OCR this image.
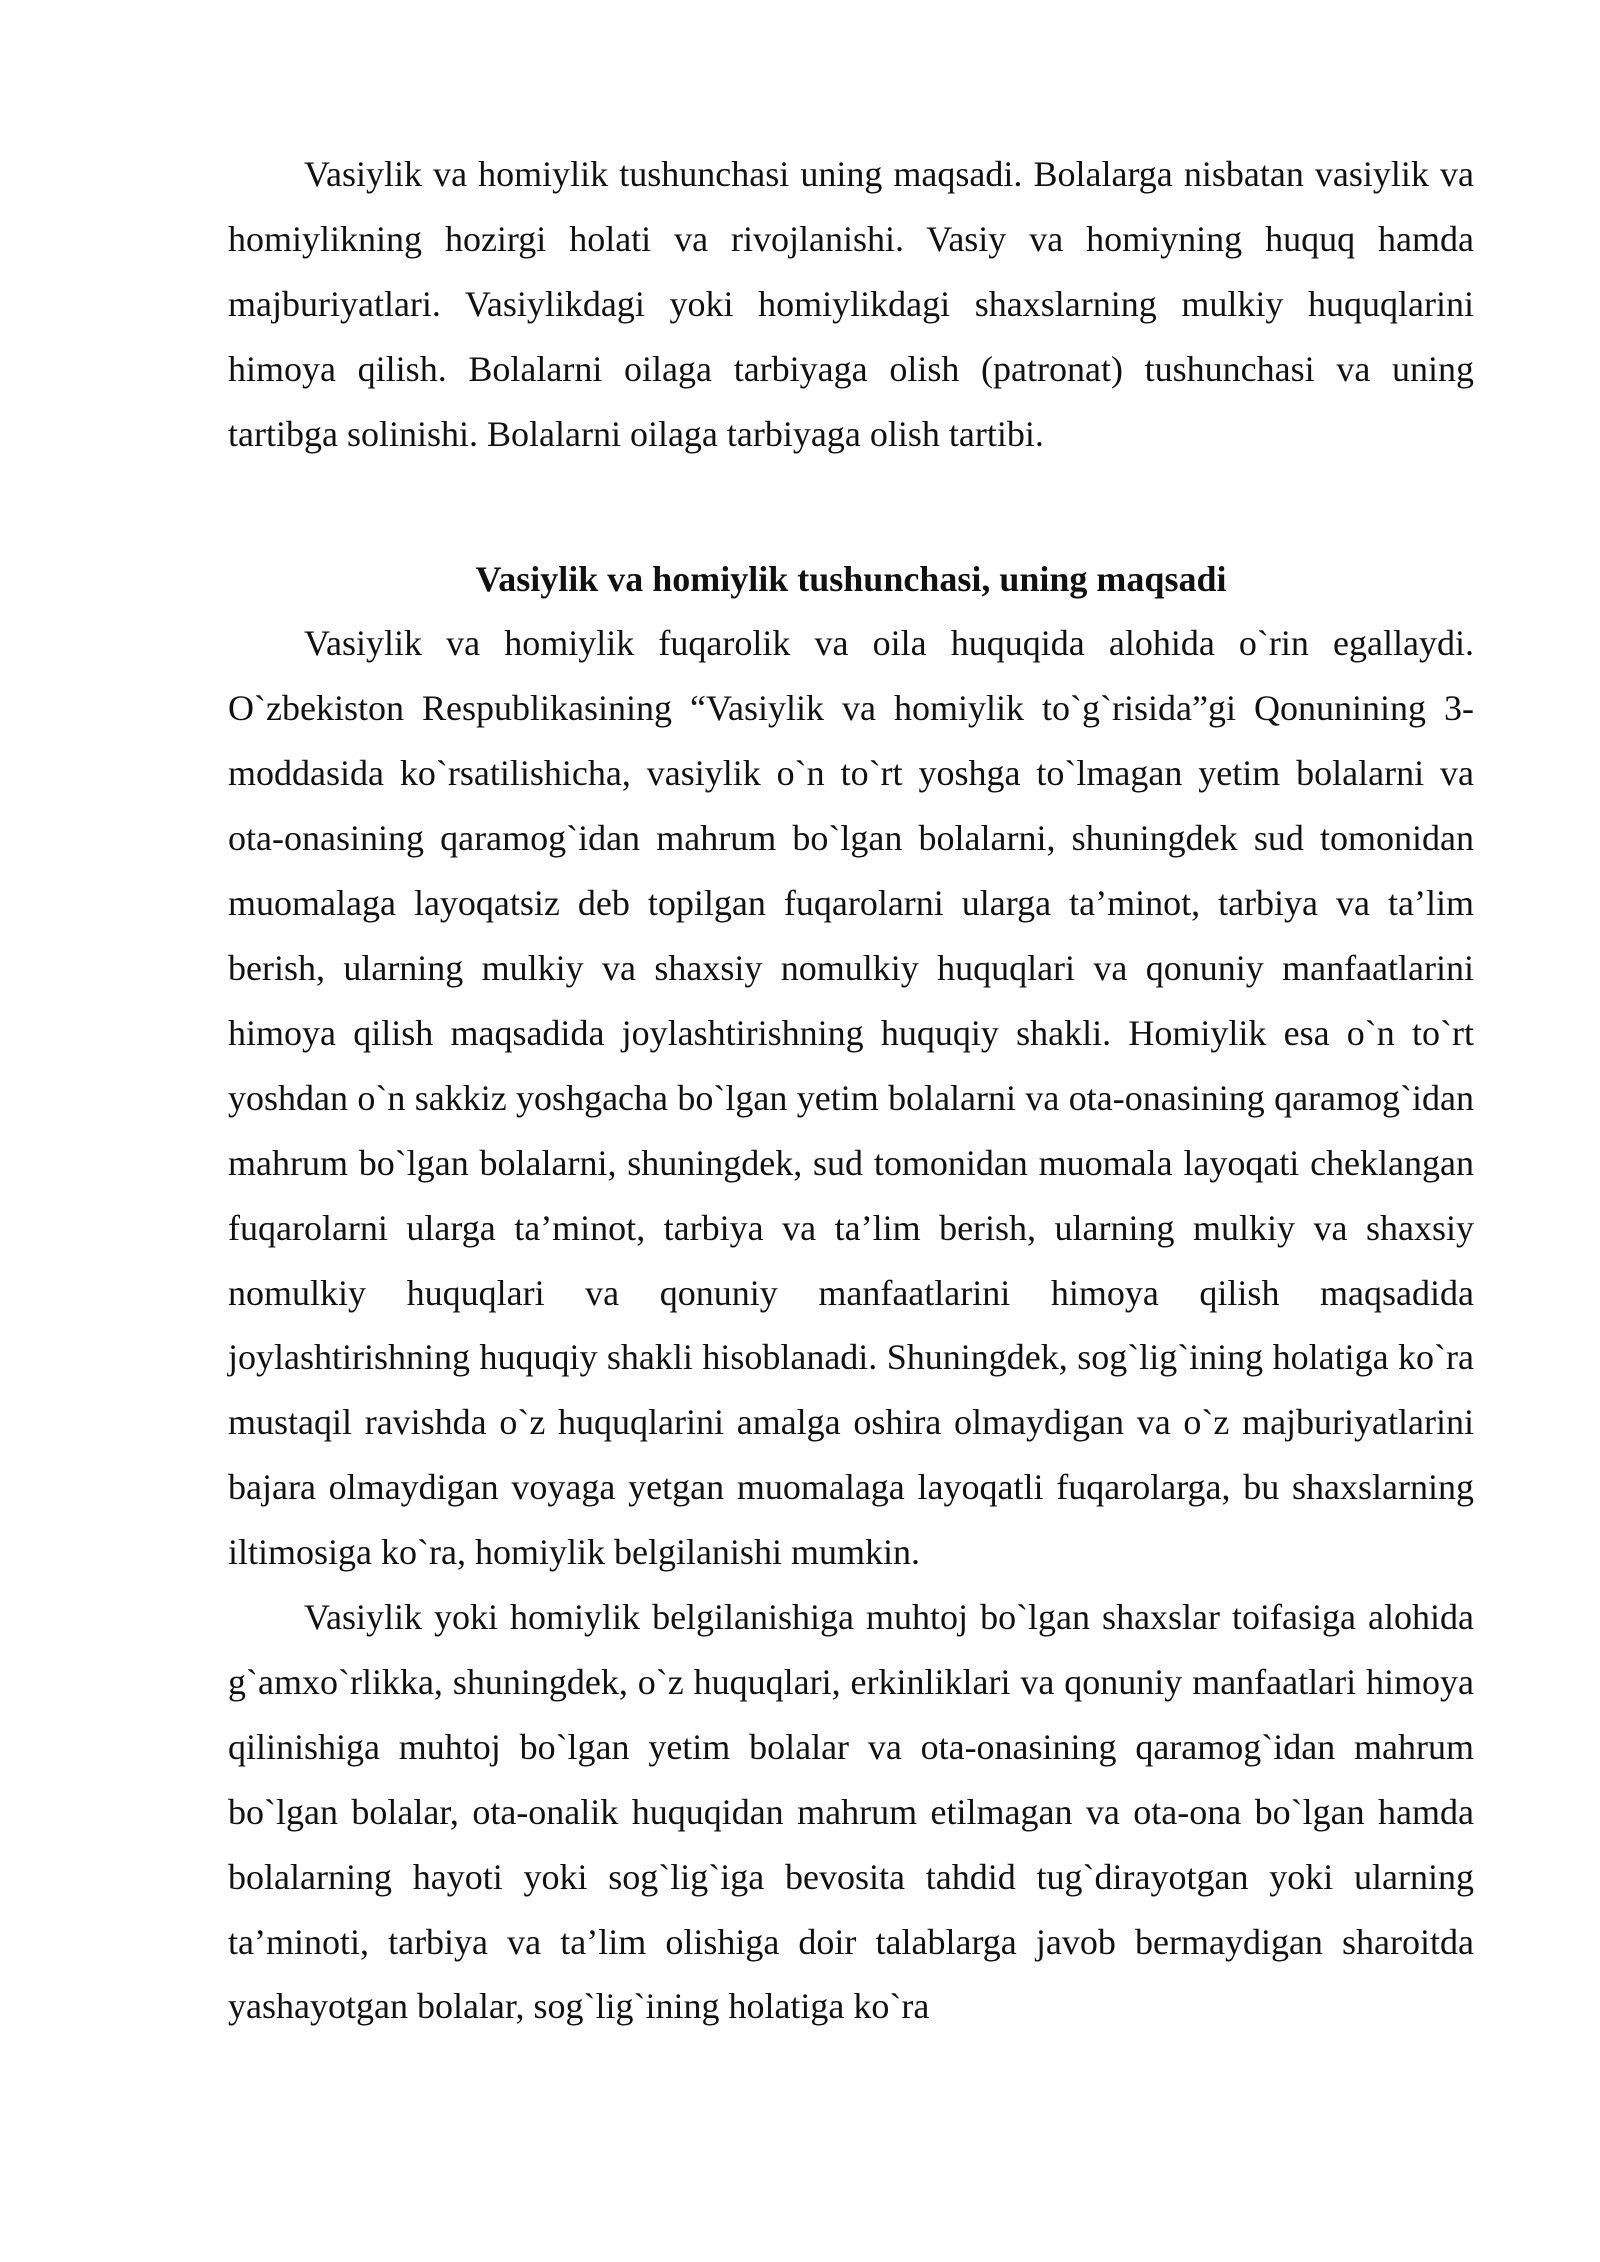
Vasiylik va homiylik tushunchasi uning maqsadi. Bolalarga nisbatan vasiylik va homiylikning hozirgi holati va rivojlanishi. Vasiy va homiyning huquq hamda majburiyatlari. Vasiylikdagi yoki homiylikdagi shaxslarning mulkiy huquqlarini himoya qilish. Bolalarni oilaga tarbiyaga olish (patronat) tushunchasi va uning tartibga solinishi. Bolalarni oilaga tarbiyaga olish tartibi.

Vasiylik va homiylik tushunchasi, uning maqsadi

Vasiylik va homiylik fuqarolik va oila huquqida alohida o`rin egallaydi. O`zbekiston Respublikasining “Vasiylik va homiylik to`g`risida”gi Qonunining 3-moddasida ko`rsatilishicha, vasiylik o`n to`rt yoshga to`lmagan yetim bolalarni va ota-onasining qaramog`idan mahrum bo`lgan bolalarni, shuningdek sud tomonidan muomalaga layoqatsiz deb topilgan fuqarolarni ularga ta’minot, tarbiya va ta’lim berish, ularning mulkiy va shaxsiy nomulkiy huquqlari va qonuniy manfaatlarini himoya qilish maqsadida joylashtirishning huquqiy shakli. Homiylik esa o`n to`rt yoshdan o`n sakkiz yoshgacha bo`lgan yetim bolalarni va ota-onasining qaramog`idan mahrum bo`lgan bolalarni, shuningdek, sud tomonidan muomala layoqati cheklangan fuqarolarni ularga ta’minot, tarbiya va ta’lim berish, ularning mulkiy va shaxsiy nomulkiy huquqlari va qonuniy manfaatlarini himoya qilish maqsadida joylashtirishning huquqiy shakli hisoblanadi. Shuningdek, sog`lig`ining holatiga ko`ra mustaqil ravishda o`z huquqlarini amalga oshira olmaydigan va o`z majburiyatlarini bajara olmaydigan voyaga yetgan muomalaga layoqatli fuqarolarga, bu shaxslarning iltimosiga ko`ra, homiylik belgilanishi mumkin.

Vasiylik yoki homiylik belgilanishiga muhtoj bo`lgan shaxslar toifasiga alohida g`amxo`rlikka, shuningdek, o`z huquqlari, erkinliklari va qonuniy manfaatlari himoya qilinishiga muhtoj bo`lgan yetim bolalar va ota-onasining qaramog`idan mahrum bo`lgan bolalar, ota-onalik huquqidan mahrum etilmagan va ota-ona bo`lgan hamda bolalarning hayoti yoki sog`lig`iga bevosita tahdid tug`dirayotgan yoki ularning ta’minoti, tarbiya va ta’lim olishiga doir talablarga javob bermaydigan sharoitda yashayotgan bolalar, sog`lig`ining holatiga ko`ra
